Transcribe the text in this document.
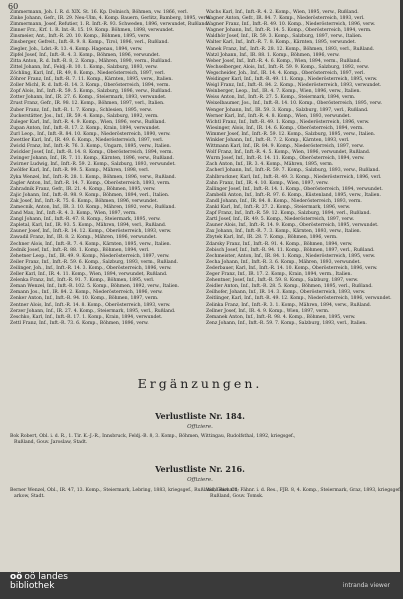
60

Zimmermann, Joh. I. R. d. XIX. St. 16. Kp. Dolnisch, Böhmen, vw. 1866, verl.

Zinke Johann, Gefr., IR. 29. Neu-Ulm, 4. Komp. Bauern, Gerlitz, Bamberg, 1895, verw.

Zimmermann, Josef, Refutier, 1. R. Inft.-R. 93. Schweden, 1896, verwundet, Rußland.

Zinner Frz., Krf. 1. R. Int.-R. 15. 19. Komp. Böhmen, 1898, verwundet.

Zinsmeier, Ant., Inft.-R. 20. 10. Komp., Böhmen, 1895, verw.

Zinsberger, Gefreit., Inft.-R. 9. 8. Komp., Tirol, 1896, verl., Rußland.

Ziegler, Joh., Ldst.-R. 13. 4. Komp. Hagenau, 1894, verw.

Zipfel Josef, Inf., Inft.-R. 4. 3. Komp., Böhmen, 1896, verwundet.

Zitta Anton, R. d. Inft.-R. 8, 2. Komp., Mähren, 1890, verm., Rußland.

Zittel Johann, Inf., Feldj.-B. 10. 1. Komp., Salzburg, 1893, verw.

Zöchling, Karl, Inf., IR. 49, 8. Komp., Niederösterreich, 1897, verl.

Zöhrer Franz, Inf., Inft.-R. 7. 11. Komp., Kärnten, 1895, verw., Italien.

Zoller Michl, R. d. Inft.-R. 14. 3. Komp., Oberösterreich, 1894, verm.

Zopf Alois, Inf., Inft.-R. 59. 5. Komp., Salzburg, 1896, verw., Rußland.

Zotter Johann, Inf., IR. 27. 6. Komp., Steiermark, 1893, verwundet.

Zrust Franz, Gefr., IR. 98. 12. Komp., Böhmen, 1897, verl., Italien.

Zuber Franz, Inf., Inft.-R. 1. 7. Komp., Schlesien, 1895, verw.

Zuckerstätter, Jos., Inf., IR. 59. 4. Komp., Salzburg, 1892, verm.

Zuleger Karl, Inf., Inft.-R. 4. 9. Komp., Wien, 1896, verw., Rußland.

Zupan Anton, Inf., Inft.-R. 17. 2. Komp., Krain, 1894, verwundet.

Zurl Leop., Inf., Inft.-R. 84. 10. Komp., Niederösterreich, 1890, verw.

Zwettler Karl, Inf., IR. 49. 6. Komp., Niederösterreich, 1897, verl.

Zwickl Franz, Inf., Inft.-R. 76. 3. Komp., Ungarn, 1895, verw., Italien.

Zwickler Josef, Inf., Inft.-R. 14. 8. Komp., Oberösterreich, 1894, verm.

Zwinger Johann, Inf., IR. 7. 11. Komp., Kärnten, 1896, verw., Rußland.

Zwirner Ludwig, Inf., Inft.-R. 59. 2. Komp., Salzburg, 1893, verwundet.

Zwölfer Karl, Inf., Inft.-R. 99. 5. Komp., Mähren, 1898, verl.

Zyka Wenzel, Inf., Inft.-R. 28. 1. Komp., Böhmen, 1896, verw., Rußland.

Zagler Anton, Inf., Inft.-R. 14. 7. Komp., Oberösterreich, 1893, verm.

Zahradnik Franz, Gefr., IR. 21. 4. Komp., Böhmen, 1895, verw.

Zajic Johann, Inf., Inft.-R. 98. 9. Komp., Böhmen, 1894, verl., Italien.

Zak Josef, Inf., Inft.-R. 75. 6. Komp., Böhmen, 1896, verwundet.

Zamecnik, Anton, Inf., IR. 3. 10. Komp., Mähren, 1892, verw., Rußland.

Zand Max, Inf., Inft.-R. 4. 3. Komp., Wien, 1897, verm.

Zangl Johann, Inf., Inft.-R. 47. 8. Komp., Steiermark, 1895, verw.

Zapletal, Karl, Inf., IR. 93. 5. Komp., Mähren, 1894, verl., Rußland.

Zauner Josef, Inf., Inft.-R. 14. 12. Komp., Oberösterreich, 1893, verw.

Zawadil Franz, Inf., IR. 8. 2. Komp., Mähren, 1896, verwundet.

Zechner Alois, Inf., Inft.-R. 7. 4. Komp., Kärnten, 1895, verw., Italien.

Zednik Josef, Inf., Inft.-R. 88. 1. Komp., Böhmen, 1894, verl.

Zehetner Leop., Inf., IR. 49. 9. Komp., Niederösterreich, 1897, verw.

Zeiler Franz, Inf., Inft.-R. 59. 6. Komp., Salzburg, 1893, verm., Rußland.

Zeilinger, Joh., Inf., Inft.-R. 14. 3. Komp., Oberösterreich, 1896, verw.

Zeller Karl, Inf., IR. 4. 11. Komp., Wien, 1894, verwundet, Rußland.

Zelenka Franz, Inf., Inft.-R. 91. 7. Komp., Böhmen, 1895, verl.

Zeman Wenzel, Inf., Inft.-R. 102. 5. Komp., Böhmen, 1892, verw., Italien.

Zemann Jos., Inf., IR. 84. 2. Komp., Niederösterreich, 1896, verw.

Zenker Anton, Inf., Inft.-R. 94. 10. Komp., Böhmen, 1897, verm.

Zentner Alois, Inf., Inft.-R. 14. 8. Komp., Oberösterreich, 1893, verw.

Zerzer Johann, Inf., IR. 27. 4. Komp., Steiermark, 1895, verl., Rußland.

Zeschko, Karl, Inf., Inft.-R. 17. 1. Komp., Krain, 1894, verwundet.

Zettl Franz, Inf., Inft.-R. 73. 6. Komp., Böhmen, 1896, verw.

Wachs Karl, Inf., Inft.-R. 4. 2. Komp., Wien, 1895, verw., Rußland.

Wagner Anton, Gefr., IR. 84. 7. Komp., Niederösterreich, 1893, verl.

Wagner Franz, Inf., Inft.-R. 49. 10. Komp., Niederösterreich, 1896, verw.

Wagner Johann, Inf., Inft.-R. 14. 5. Komp., Oberösterreich, 1894, verm.

Waldhör Josef, Inf., IR. 59. 3. Komp., Salzburg, 1897, verw., Italien.

Walter Karl, Inf., Inft.-R. 7. 8. Komp., Kärnten, 1895, verwundet.

Wanek Franz, Inf., Inft.-R. 28. 12. Komp., Böhmen, 1893, verl., Rußland.

Watzl Johann, Inf., IR. 88. 1. Komp., Böhmen, 1896, verw.

Weber Josef, Inf., Inft.-R. 4. 6. Komp., Wien, 1894, verm., Rußland.

Wechselberger, Alois, Inf., Inft.-R. 59. 9. Komp., Salzburg, 1892, verw.

Wegscheider, Joh., Inf., IR. 14. 4. Komp., Oberösterreich, 1897, verl.

Weidinger Karl, Inf., Inft.-R. 49. 11. Komp., Niederösterreich, 1895, verw.

Weigl Franz, Inf., Inft.-R. 84. 2. Komp., Niederösterreich, 1893, verwundet.

Weinberger, Leop., Inf., IR. 4. 7. Komp., Wien, 1896, verw., Italien.

Weiss Anton, Inf., Inft.-R. 27. 5. Komp., Steiermark, 1894, verm.

Weixelbaumer, Jos., Inf., Inft.-R. 14. 10. Komp., Oberösterreich, 1895, verw.

Wenger Johann, Inf., IR. 59. 3. Komp., Salzburg, 1897, verl., Rußland.

Werner Karl, Inf., Inft.-R. 4. 8. Komp., Wien, 1893, verwundet.

Wichtl Franz, Inf., Inft.-R. 49. 1. Komp., Niederösterreich, 1896, verw.

Wiesinger, Alois, Inf., IR. 14. 6. Komp., Oberösterreich, 1894, verm.

Wimmer Josef, Inf., Inft.-R. 59. 12. Komp., Salzburg, 1895, verw., Italien.

Winkler Johann, Inf., Inft.-R. 7. 2. Komp., Kärnten, 1893, verl.

Wittmann Karl, Inf., IR. 84. 9. Komp., Niederösterreich, 1897, verw.

Wolf Franz, Inf., Inft.-R. 4. 5. Komp., Wien, 1896, verwundet, Rußland.

Wurm Josef, Inf., Inft.-R. 14. 11. Komp., Oberösterreich, 1894, verw.

Zach Anton, Inf., IR. 3. 4. Komp., Mähren, 1895, verm.

Zacherl Johann, Inf., Inft.-R. 59. 7. Komp., Salzburg, 1893, verw., Rußland.

Zahlbruckner, Karl, Inf., Inft.-R. 49. 3. Komp., Niederösterreich, 1896, verl.

Zahn Franz, Inf., IR. 4. 10. Komp., Wien, 1897, verw.

Zallinger Josef, Inf., Inft.-R. 14. 1. Komp., Oberösterreich, 1894, verwundet.

Zambelli Anton, Inf., Inft.-R. 97. 6. Komp., Küstenland, 1895, verw., Italien.

Zandl Johann, Inf., IR. 84. 8. Komp., Niederösterreich, 1893, verm.

Zankl Karl, Inf., Inft.-R. 27. 2. Komp., Steiermark, 1896, verw.

Zapf Franz, Inf., Inft.-R. 59. 12. Komp., Salzburg, 1894, verl., Rußland.

Zartl Josef, Inf., IR. 49. 5. Komp., Niederösterreich, 1897, verw.

Zauner Alois, Inf., Inft.-R. 14. 9. Komp., Oberösterreich, 1895, verwundet.

Zax Johann, Inf., Inft.-R. 7. 3. Komp., Kärnten, 1893, verw., Italien.

Zbytek Karl, Inf., IR. 28. 7. Komp., Böhmen, 1896, verm.

Zdarsky Franz, Inf., Inft.-R. 91. 4. Komp., Böhmen, 1894, verw.

Zebisch Josef, Inf., Inft.-R. 94. 11. Komp., Böhmen, 1897, verl., Rußland.

Zechmeister, Anton, Inf., IR. 84. 1. Komp., Niederösterreich, 1895, verw.

Zecha Johann, Inf., Inft.-R. 3. 6. Komp., Mähren, 1893, verwundet.

Zederbauer, Karl, Inf., Inft.-R. 14. 10. Komp., Oberösterreich, 1896, verw.

Zeger Franz, Inf., IR. 17. 2. Komp., Krain, 1894, verm., Italien.

Zehentner, Josef, Inf., Inft.-R. 59. 8. Komp., Salzburg, 1897, verw.

Zeidler Anton, Inf., Inft.-R. 28. 5. Komp., Böhmen, 1895, verl., Rußland.

Zeilhofer, Johann, Inf., IR. 14. 3. Komp., Oberösterreich, 1893, verw.

Zeitlinger, Karl, Inf., Inft.-R. 49. 12. Komp., Niederösterreich, 1896, verwundet.

Zelinka Franz, Inf., Inft.-R. 3. 1. Komp., Mähren, 1894, verw., Rußland.

Zellner Josef, Inf., IR. 4. 9. Komp., Wien, 1897, verm.

Zemanek Anton, Inf., Inft.-R. 98. 4. Komp., Böhmen, 1895, verw.

Zenz Johann, Inf., Inft.-R. 59. 7. Komp., Salzburg, 1893, verl., Italien.

Ergänzungen.
Verlustliste Nr. 184.
Offiziere.
Bok Robert, Obl. i. d. R., 1. Tir. K.-J.-R., Innsbruck, Feldj.-B. 8, 3. Komp., Böhmen, Wittingau, Rudolfsthal, 1892, kriegsgef.,
Rußland, Gouv. Jaroslaw, Stadt.
Verlustliste Nr. 216.
Offiziere.
Berner Wenzel, Obl., IR. 47, 13. Komp., Steiermark, Lebring, 1883, kriegsgef., Rußland, Gouv. Ch-
arkow, Stadt.
Wohl Richard, Fähnr. i. d. Res., FJB. 8, 4. Komp., Steiermark, Graz, 1893, kriegsgef.,
Rußland, Gouv. Tomsk.
oö oö landes
bibliothek	intranda viewer
